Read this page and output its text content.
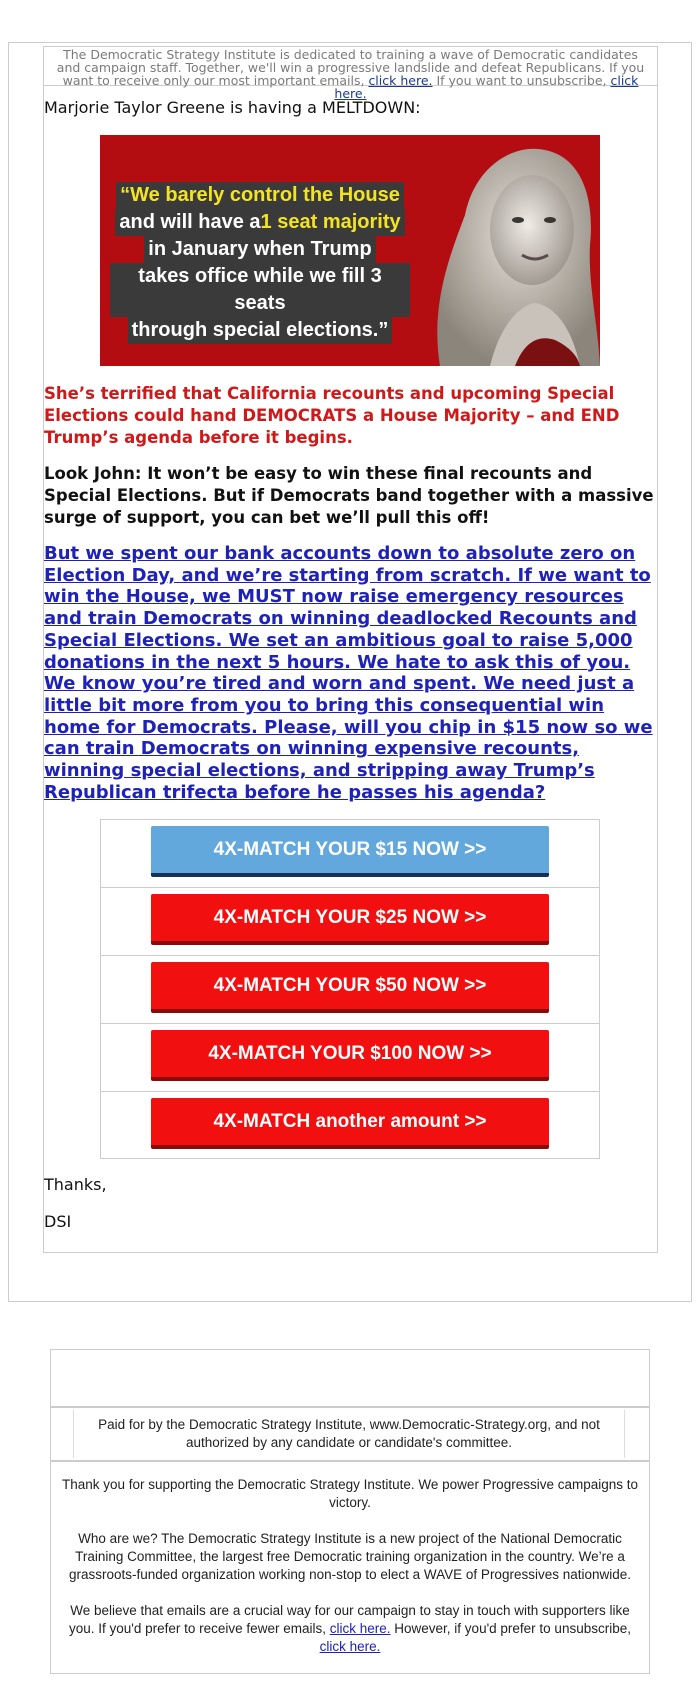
The Democratic Strategy Institute is dedicated to training a wave of Democratic candidates and campaign staff. Together, we'll win a progressive landslide and defeat Republicans. If you want to receive only our most important emails, click here. If you want to unsubscribe, click here.
Marjorie Taylor Greene is having a MELTDOWN:
“We barely control the House
and will have a1 seat majority
in January when Trump
takes office while we fill 3 seats
through special elections.”
She’s terrified that California recounts and upcoming Special Elections could hand DEMOCRATS a House Majority – and END Trump’s agenda before it begins.
Look John: It won’t be easy to win these final recounts and Special Elections. But if Democrats band together with a massive surge of support, you can bet we’ll pull this off!
But we spent our bank accounts down to absolute zero on Election Day, and we’re starting from scratch. If we want to win the House, we MUST now raise emergency resources and train Democrats on winning deadlocked Recounts and Special Elections. We set an ambitious goal to raise 5,000 donations in the next 5 hours. We hate to ask this of you. We know you’re tired and worn and spent. We need just a little bit more from you to bring this consequential win home for Democrats. Please, will you chip in $15 now so we can train Democrats on winning expensive recounts, winning special elections, and stripping away Trump’s Republican trifecta before he passes his agenda?
4X-MATCH YOUR $15 NOW >>
4X-MATCH YOUR $25 NOW >>
4X-MATCH YOUR $50 NOW >>
4X-MATCH YOUR $100 NOW >>
4X-MATCH another amount >>
Thanks,
DSI
Paid for by the Democratic Strategy Institute, www.Democratic-Strategy.org, and not authorized by any candidate or candidate's committee.

Thank you for supporting the Democratic Strategy Institute. We power Progressive campaigns to victory.

Who are we? The Democratic Strategy Institute is a new project of the National Democratic Training Committee, the largest free Democratic training organization in the country. We’re a grassroots-funded organization working non-stop to elect a WAVE of Progressives nationwide.

We believe that emails are a crucial way for our campaign to stay in touch with supporters like you. If you'd prefer to receive fewer emails, click here. However, if you'd prefer to unsubscribe, click here.
